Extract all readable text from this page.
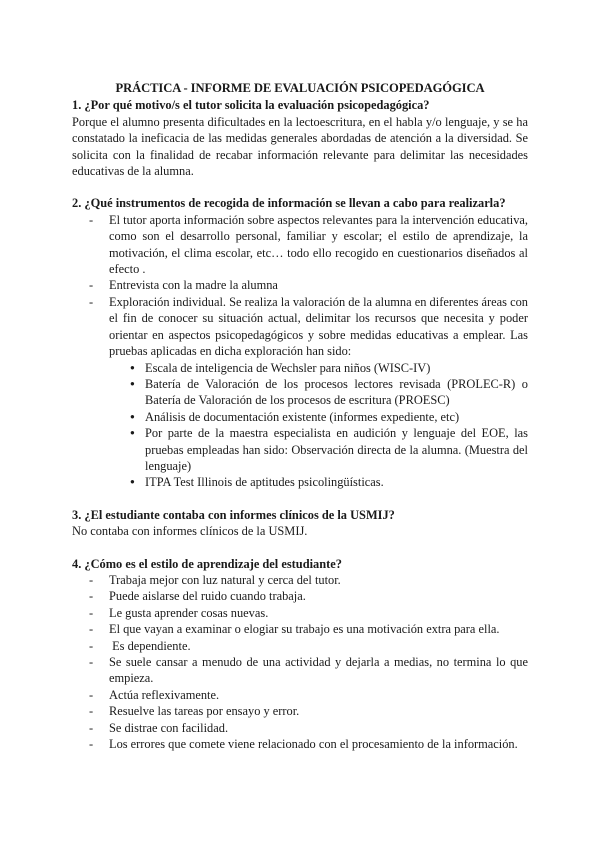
PRÁCTICA - INFORME DE EVALUACIÓN PSICOPEDAGÓGICA

1. ¿Por qué motivo/s el tutor solicita la evaluación psicopedagógica?

Porque el alumno presenta dificultades en la lectoescritura, en el habla y/o lenguaje, y se ha constatado la ineficacia de las medidas generales abordadas de atención a la diversidad. Se solicita con la finalidad de recabar información relevante para delimitar las necesidades educativas de la alumna.

2. ¿Qué instrumentos de recogida de información se llevan a cabo para realizarla?

- El tutor aporta información sobre aspectos relevantes para la intervención educativa, como son el desarrollo personal, familiar y escolar; el estilo de aprendizaje, la motivación, el clima escolar, etc… todo ello recogido en cuestionarios diseñados al efecto .
- Entrevista con la madre la alumna
- Exploración individual. Se realiza la valoración de la alumna en diferentes áreas con el fin de conocer su situación actual, delimitar los recursos que necesita y poder orientar en aspectos psicopedagógicos y sobre medidas educativas a emplear. Las pruebas aplicadas en dicha exploración han sido:
● Escala de inteligencia de Wechsler para niños (WISC-IV)
● Batería de Valoración de los procesos lectores revisada (PROLEC-R) o Batería de Valoración de los procesos de escritura (PROESC)
● Análisis de documentación existente (informes expediente, etc)
● Por parte de la maestra especialista en audición y lenguaje del EOE, las pruebas empleadas han sido: Observación directa de la alumna. (Muestra del lenguaje)
● ITPA Test Illinois de aptitudes psicolingüísticas.

3. ¿El estudiante contaba con informes clínicos de la USMIJ?

No contaba con informes clínicos de la USMIJ.

4. ¿Cómo es el estilo de aprendizaje del estudiante?

- Trabaja mejor con luz natural y cerca del tutor.
- Puede aislarse del ruido cuando trabaja.
- Le gusta aprender cosas nuevas.
- El que vayan a examinar o elogiar su trabajo es una motivación extra para ella.
-  Es dependiente.
- Se suele cansar a menudo de una actividad y dejarla a medias, no termina lo que empieza.
- Actúa reflexivamente.
- Resuelve las tareas por ensayo y error.
- Se distrae con facilidad.
- Los errores que comete viene relacionado con el procesamiento de la información.
